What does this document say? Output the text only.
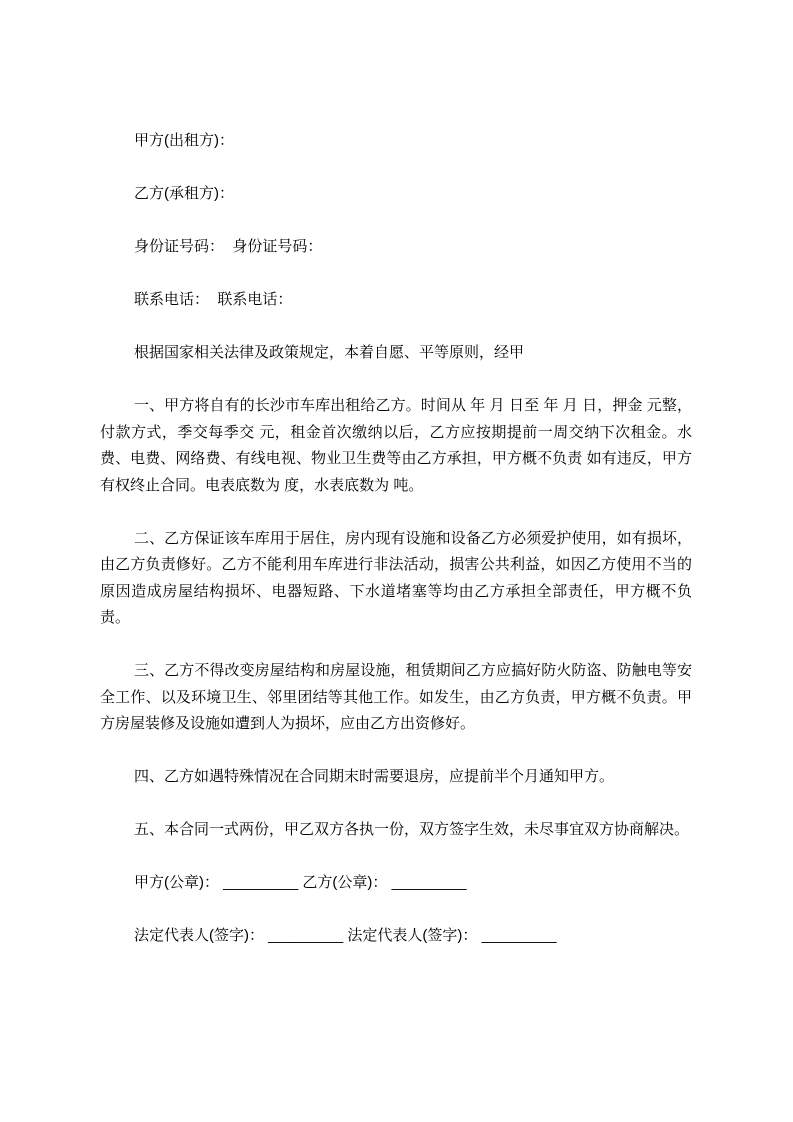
甲方(出租方)：

乙方(承租方)：

身份证号码：  身份证号码：

联系电话：  联系电话：

根据国家相关法律及政策规定，本着自愿、平等原则，经甲

一、甲方将自有的长沙市车库出租给乙方。时间从 年 月 日至 年 月 日，押金 元整，付款方式，季交每季交 元，租金首次缴纳以后，乙方应按期提前一周交纳下次租金。水费、电费、网络费、有线电视、物业卫生费等由乙方承担，甲方概不负责 如有违反，甲方有权终止合同。电表底数为 度，水表底数为 吨。

二、乙方保证该车库用于居住，房内现有设施和设备乙方必须爱护使用，如有损坏，由乙方负责修好。乙方不能利用车库进行非法活动，损害公共利益，如因乙方使用不当的原因造成房屋结构损坏、电器短路、下水道堵塞等均由乙方承担全部责任，甲方概不负责。

三、乙方不得改变房屋结构和房屋设施，租赁期间乙方应搞好防火防盗、防触电等安全工作、以及环境卫生、邻里团结等其他工作。如发生，由乙方负责，甲方概不负责。甲方房屋装修及设施如遭到人为损坏，应由乙方出资修好。

四、乙方如遇特殊情况在合同期末时需要退房，应提前半个月通知甲方。

五、本合同一式两份，甲乙双方各执一份，双方签字生效，未尽事宜双方协商解决。

甲方(公章)： _________ 乙方(公章)： _________

法定代表人(签字)： _________ 法定代表人(签字)： _________
